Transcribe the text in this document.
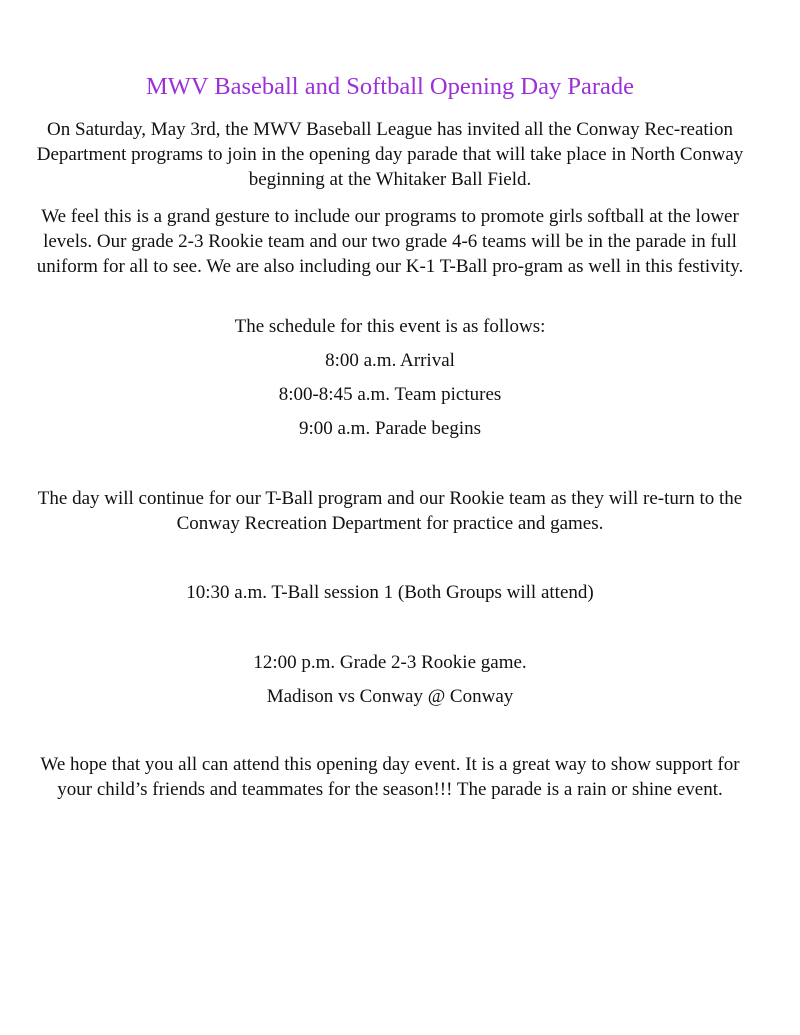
MWV Baseball and Softball Opening Day Parade
On Saturday, May 3rd, the MWV Baseball League has invited all the Conway Rec-reation Department programs to join in the opening day parade that will take place in North Conway beginning at the Whitaker Ball Field.
We feel this is a grand gesture to include our programs to promote girls softball at the lower levels. Our grade 2-3 Rookie team and our two grade 4-6 teams will be in the parade in full uniform for all to see. We are also including our K-1 T-Ball pro-gram as well in this festivity.
The schedule for this event is as follows:
8:00 a.m. Arrival
8:00-8:45 a.m. Team pictures
9:00 a.m. Parade begins
The day will continue for our T-Ball program and our Rookie team as they will re-turn to the Conway Recreation Department for practice and games.
10:30 a.m. T-Ball session 1 (Both Groups will attend)
12:00 p.m. Grade 2-3 Rookie game.
Madison vs Conway @ Conway
We hope that you all can attend this opening day event. It is a great way to show support for your child’s friends and teammates for the season!!! The parade is a rain or shine event.
